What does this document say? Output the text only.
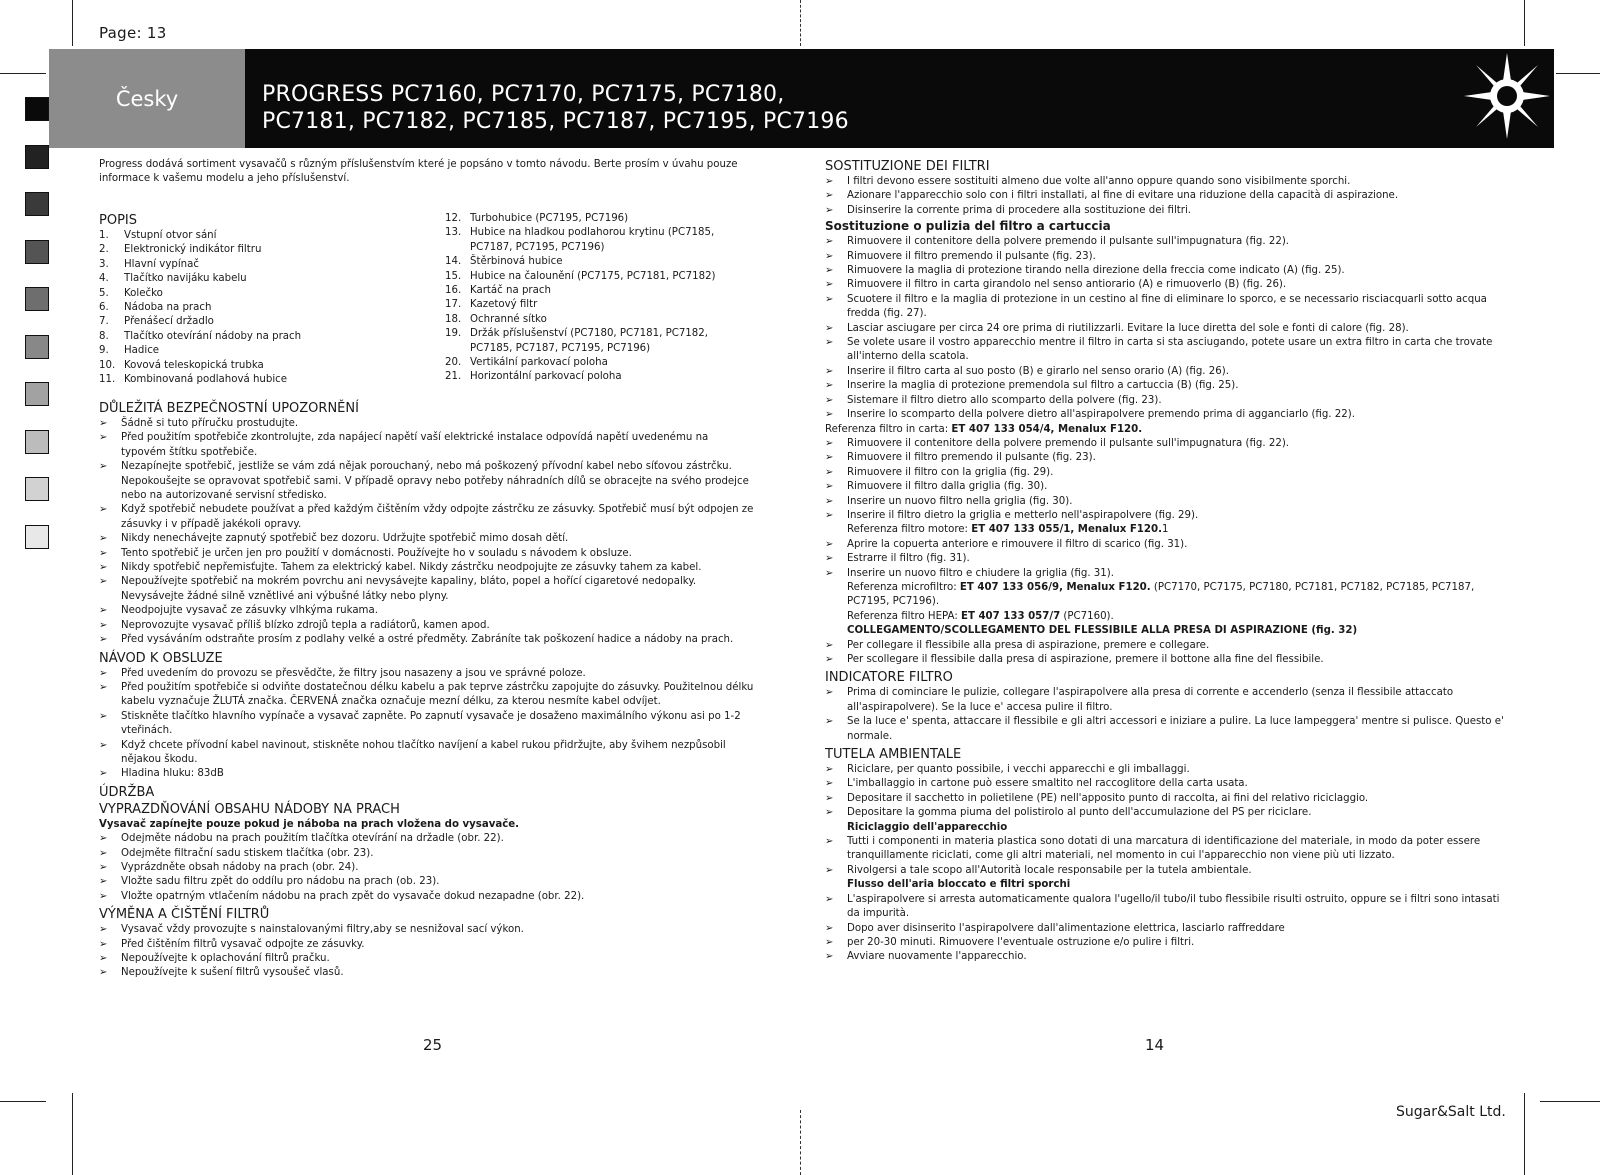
Page: 13
Česky	PROGRESS PC7160, PC7170, PC7175, PC7180,
PC7181, PC7182, PC7185, PC7187, PC7195, PC7196

Progress dodává sortiment vysavačů s různým příslušenstvím které je popsáno v tomto návodu. Berte prosím v úvahu pouze informace k vašemu modelu a jeho příslušenství.

POPIS

1. Vstupní otvor sání
2. Elektronický indikátor filtru
3. Hlavní vypínač
4. Tlačítko navijáku kabelu
5. Kolečko
6. Nádoba na prach
7. Přenášecí držadlo
8. Tlačítko otevírání nádoby na prach
9. Hadice
10. Kovová teleskopická trubka
11. Kombinovaná podlahová hubice
12. Turbohubice (PC7195, PC7196)
13. Hubice na hladkou podlahorou krytinu (PC7185, PC7187, PC7195, PC7196)
14. Štěrbinová hubice
15. Hubice na čalounění (PC7175, PC7181, PC7182)
16. Kartáč na prach
17. Kazetový filtr
18. Ochranné sítko
19. Držák příslušenství (PC7180, PC7181, PC7182, PC7185, PC7187, PC7195, PC7196)
20. Vertikální parkovací poloha
21. Horizontální parkovací poloha

DŮLEŽITÁ BEZPEČNOSTNÍ UPOZORNĚNÍ

➢ Šádně si tuto příručku prostudujte.
➢ Před použitím spotřebiče zkontrolujte, zda napájecí napětí vaší elektrické instalace odpovídá napětí uvedenému na typovém štítku spotřebiče.
➢ Nezapínejte spotřebič, jestliže se vám zdá nějak porouchaný, nebo má poškozený přívodní kabel nebo síťovou zástrčku. Nepokoušejte se opravovat spotřebič sami. V případě opravy nebo potřeby náhradních dílů se obracejte na svého prodejce nebo na autorizované servisní středisko.
➢ Když spotřebič nebudete používat a před každým čištěním vždy odpojte zástrčku ze zásuvky. Spotřebič musí být odpojen ze zásuvky i v případě jakékoli opravy.
➢ Nikdy nenechávejte zapnutý spotřebič bez dozoru. Udržujte spotřebič mimo dosah dětí.
➢ Tento spotřebič je určen jen pro použití v domácnosti. Používejte ho v souladu s návodem k obsluze.
➢ Nikdy spotřebič nepřemisťujte. Tahem za elektrický kabel. Nikdy zástrčku neodpojujte ze zásuvky tahem za kabel.
➢ Nepoužívejte spotřebič na mokrém povrchu ani nevysávejte kapaliny, bláto, popel a hořící cigaretové nedopalky. Nevysávejte žádné silně vznětlivé ani výbušné látky nebo plyny.
➢ Neodpojujte vysavač ze zásuvky vlhkýma rukama.
➢ Neprovozujte vysavač příliš blízko zdrojů tepla a radiátorů, kamen apod.
➢ Před vysáváním odstraňte prosím z podlahy velké a ostré předměty. Zabráníte tak poškození hadice a nádoby na prach.

NÁVOD K OBSLUZE

➢ Před uvedením do provozu se přesvědčte, že filtry jsou nasazeny a jsou ve správné poloze.
➢ Před použitím spotřebiče si odviňte dostatečnou délku kabelu a pak teprve zástrčku zapojujte do zásuvky. Použitelnou délku kabelu vyznačuje ŽLUTÁ značka. ČERVENÁ značka označuje mezní délku, za kterou nesmíte kabel odvíjet.
➢ Stiskněte tlačítko hlavního vypínače a vysavač zapněte. Po zapnutí vysavače je dosaženo maximálního výkonu asi po 1-2 vteřinách.
➢ Když chcete přívodní kabel navinout, stiskněte nohou tlačítko navíjení a kabel rukou přidržujte, aby švihem nezpůsobil nějakou škodu.
➢ Hladina hluku: 83dB

ÚDRŽBA

VYPRAZDŇOVÁNÍ OBSAHU NÁDOBY NA PRACH

Vysavač zapínejte pouze pokud je náboba na prach vložena do vysavače.

➢ Odejměte nádobu na prach použitím tlačítka otevírání na držadle (obr. 22).
➢ Odejměte filtrační sadu stiskem tlačítka (obr. 23).
➢ Vyprázdněte obsah nádoby na prach (obr. 24).
➢ Vložte sadu filtru zpět do oddílu pro nádobu na prach (ob. 23).
➢ Vložte opatrným vtlačením nádobu na prach zpět do vysavače dokud nezapadne (obr. 22).

VÝMĚNA A ČIŠTĚNÍ FILTRŮ

➢ Vysavač vždy provozujte s nainstalovanými filtry,aby se nesnižoval sací výkon.
➢ Před čištěním filtrů vysavač odpojte ze zásuvky.
➢ Nepoužívejte k oplachování filtrů pračku.
➢ Nepoužívejte k sušení filtrů vysoušeč vlasů.
25

SOSTITUZIONE DEI FILTRI

➢ I filtri devono essere sostituiti almeno due volte all'anno oppure quando sono visibilmente sporchi.
➢ Azionare l'apparecchio solo con i filtri installati, al fine di evitare una riduzione della capacità di aspirazione.
➢ Disinserire la corrente prima di procedere alla sostituzione dei filtri.

Sostituzione o pulizia del filtro a cartuccia

➢ Rimuovere il contenitore della polvere premendo il pulsante sull'impugnatura (fig. 22).
➢ Rimuovere il filtro premendo il pulsante (fig. 23).
➢ Rimuovere la maglia di protezione tirando nella direzione della freccia come indicato (A) (fig. 25).
➢ Rimuovere il filtro in carta girandolo nel senso antiorario (A) e rimuoverlo (B) (fig. 26).
➢ Scuotere il filtro e la maglia di protezione in un cestino al fine di eliminare lo sporco, e se necessario risciacquarli sotto acqua fredda (fig. 27).
➢ Lasciar asciugare per circa 24 ore prima di riutilizzarli. Evitare la luce diretta del sole e fonti di calore (fig. 28).
➢ Se volete usare il vostro apparecchio mentre il filtro in carta si sta asciugando, potete usare un extra filtro in carta che trovate all'interno della scatola.
➢ Inserire il filtro carta al suo posto (B) e girarlo nel senso orario (A) (fig. 26).
➢ Inserire la maglia di protezione premendola sul filtro a cartuccia (B) (fig. 25).
➢ Sistemare il filtro dietro allo scomparto della polvere (fig. 23).
➢ Inserire lo scomparto della polvere dietro all'aspirapolvere premendo prima di agganciarlo (fig. 22).

Referenza filtro in carta: ET 407 133 054/4, Menalux F120.

➢ Rimuovere il contenitore della polvere premendo il pulsante sull'impugnatura (fig. 22).
➢ Rimuovere il filtro premendo il pulsante (fig. 23).
➢ Rimuovere il filtro con la griglia (fig. 29).
➢ Rimuovere il filtro dalla griglia (fig. 30).
➢ Inserire un nuovo filtro nella griglia (fig. 30).
➢ Inserire il filtro dietro la griglia e metterlo nell'aspirapolvere (fig. 29).

Referenza filtro motore: ET 407 133 055/1, Menalux F120.1

➢ Aprire la copuerta anteriore e rimouvere il filtro di scarico (fig. 31).
➢ Estrarre il filtro (fig. 31).
➢ Inserire un nuovo filtro e chiudere la griglia (fig. 31).

Referenza microfiltro: ET 407 133 056/9, Menalux F120. (PC7170, PC7175, PC7180, PC7181, PC7182, PC7185, PC7187, PC7195, PC7196).

Referenza filtro HEPA: ET 407 133 057/7 (PC7160).

COLLEGAMENTO/SCOLLEGAMENTO DEL FLESSIBILE ALLA PRESA DI ASPIRAZIONE (fig. 32)

➢ Per collegare il flessibile alla presa di aspirazione, premere e collegare.
➢ Per scollegare il flessibile dalla presa di aspirazione, premere il bottone alla fine del flessibile.

INDICATORE FILTRO

➢ Prima di cominciare le pulizie, collegare l'aspirapolvere alla presa di corrente e accenderlo (senza il flessibile attaccato all'aspirapolvere). Se la luce e' accesa pulire il filtro.
➢ Se la luce e' spenta, attaccare il flessibile e gli altri accessori e iniziare a pulire. La luce lampeggera' mentre si pulisce. Questo e' normale.

TUTELA AMBIENTALE

➢ Riciclare, per quanto possibile, i vecchi apparecchi e gli imballaggi.
➢ L'imballaggio in cartone può essere smaltito nel raccoglitore della carta usata.
➢ Depositare il sacchetto in polietilene (PE) nell'apposito punto di raccolta, ai fini del relativo riciclaggio.
➢ Depositare la gomma piuma del polistirolo al punto dell'accumulazione del PS per riciclare.

Riciclaggio dell'apparecchio

➢ Tutti i componenti in materia plastica sono dotati di una marcatura di identificazione del materiale, in modo da poter essere tranquillamente riciclati, come gli altri materiali, nel momento in cui l'apparecchio non viene più uti lizzato.
➢ Rivolgersi a tale scopo all'Autorità locale responsabile per la tutela ambientale.

Flusso dell'aria bloccato e filtri sporchi

➢ L'aspirapolvere si arresta automaticamente qualora l'ugello/il tubo/il tubo flessibile risulti ostruito, oppure se i filtri sono intasati da impurità.
➢ Dopo aver disinserito l'aspirapolvere dall'alimentazione elettrica, lasciarlo raffreddare
➢ per 20-30 minuti. Rimuovere l'eventuale ostruzione e/o pulire i filtri.
➢ Avviare nuovamente l'apparecchio.
14
Sugar&Salt Ltd.
